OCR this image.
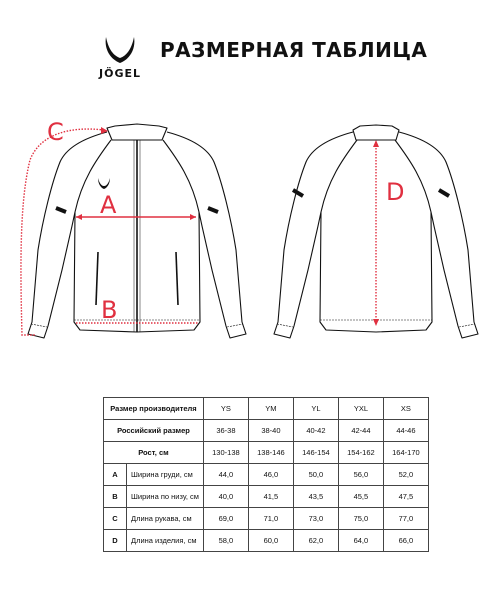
JÖGEL
РАЗМЕРНАЯ ТАБЛИЦА
A
B
C
D
Размер производителя		YS	YM	YL	YXL	XS
Российский размер		36-38	38-40	40-42	42-44	44-46
Рост, см		130-138	138-146	146-154	154-162	164-170
A	Ширина груди, см	44,0	46,0	50,0	56,0	52,0
B	Ширина по низу, см	40,0	41,5	43,5	45,5	47,5
C	Длина рукава, см	69,0	71,0	73,0	75,0	77,0
D	Длина изделия, см	58,0	60,0	62,0	64,0	66,0
